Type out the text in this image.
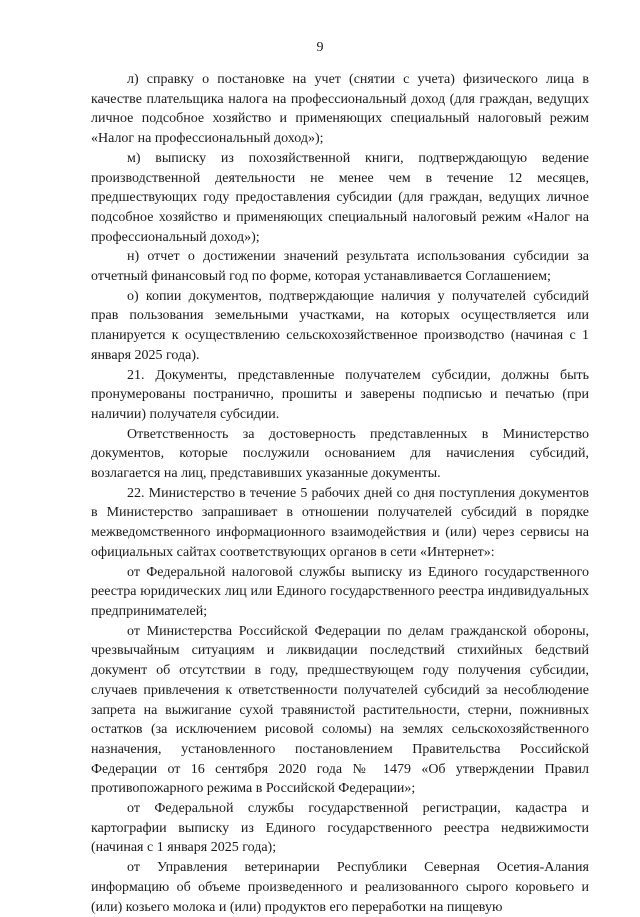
9

л) справку о постановке на учет (снятии с учета) физического лица в качестве плательщика налога на профессиональный доход (для граждан, ведущих личное подсобное хозяйство и применяющих специальный налоговый режим «Налог на профессиональный доход»);

м) выписку из похозяйственной книги, подтверждающую ведение производственной деятельности не менее чем в течение 12 месяцев, предшествующих году предоставления субсидии (для граждан, ведущих личное подсобное хозяйство и применяющих специальный налоговый режим «Налог на профессиональный доход»);

н) отчет о достижении значений результата использования субсидии за отчетный финансовый год по форме, которая устанавливается Соглашением;

о) копии документов, подтверждающие наличия у получателей субсидий прав пользования земельными участками, на которых осуществляется или планируется к осуществлению сельскохозяйственное производство (начиная с 1 января 2025 года).

21. Документы, представленные получателем субсидии, должны быть пронумерованы постранично, прошиты и заверены подписью и печатью (при наличии) получателя субсидии.

Ответственность за достоверность представленных в Министерство документов, которые послужили основанием для начисления субсидий, возлагается на лиц, представивших указанные документы.

22. Министерство в течение 5 рабочих дней со дня поступления документов в Министерство запрашивает в отношении получателей субсидий в порядке межведомственного информационного взаимодействия и (или) через сервисы на официальных сайтах соответствующих органов в сети «Интернет»:

от Федеральной налоговой службы выписку из Единого государственного реестра юридических лиц или Единого государственного реестра индивидуальных предпринимателей;

от Министерства Российской Федерации по делам гражданской обороны, чрезвычайным ситуациям и ликвидации последствий стихийных бедствий документ об отсутствии в году, предшествующем году получения субсидии, случаев привлечения к ответственности получателей субсидий за несоблюдение запрета на выжигание сухой травянистой растительности, стерни, пожнивных остатков (за исключением рисовой соломы) на землях сельскохозяйственного назначения, установленного постановлением Правительства Российской Федерации от 16 сентября 2020 года № 1479 «Об утверждении Правил противопожарного режима в Российской Федерации»;

от Федеральной службы государственной регистрации, кадастра и картографии выписку из Единого государственного реестра недвижимости (начиная с 1 января 2025 года);

от Управления ветеринарии Республики Северная Осетия-Алания информацию об объеме произведенного и реализованного сырого коровьего и (или) козьего молока и (или) продуктов его переработки на пищевую
